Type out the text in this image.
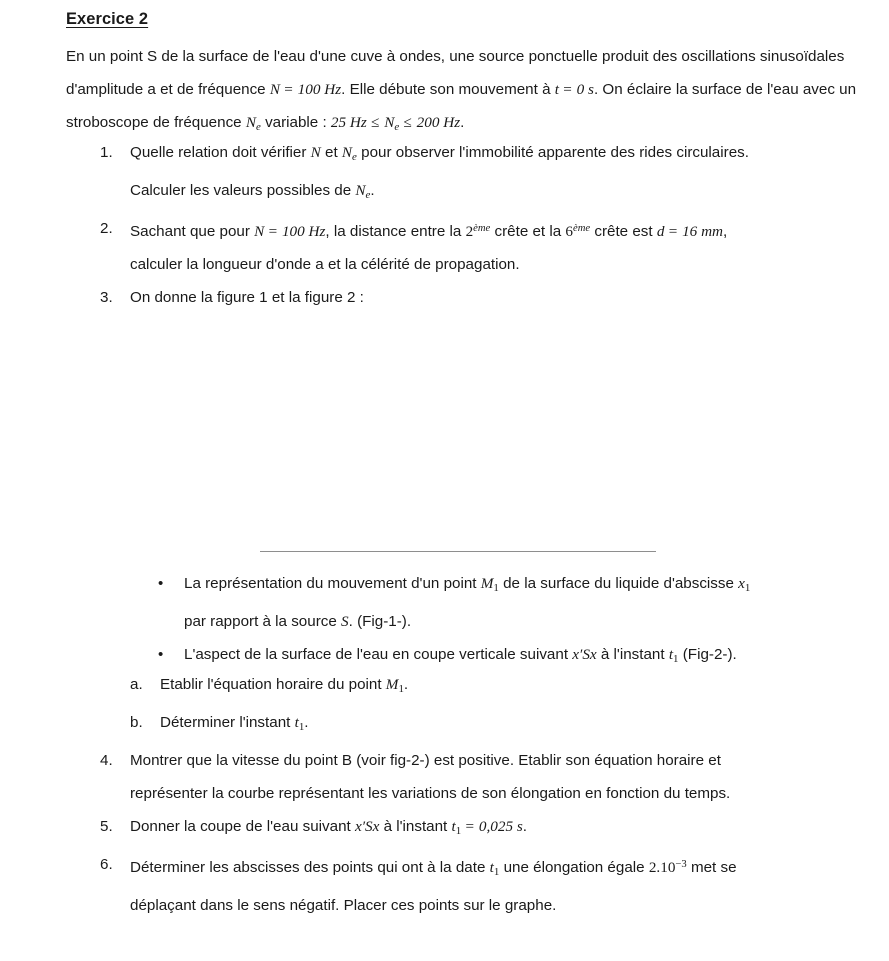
Exercice 2
En un point S de la surface de l'eau d'une cuve à ondes, une source ponctuelle produit des oscillations sinusoïdales d'amplitude a et de fréquence N = 100 Hz. Elle débute son mouvement à t = 0 s. On éclaire la surface de l'eau avec un stroboscope de fréquence $N_e$ variable : 25 $Hz \le N_e \le 200$ Hz.
1.	Quelle relation doit vérifier N et $N_e$ pour observer l'immobilité apparente des rides circulaires.
Calculer les valeurs possibles de $N_e$.
2.	Sachant que pour N = 100 Hz, la distance entre la 2ème crête et la 6ème crête est d = 16 mm,
calculer la longueur d'onde a et la célérité de propagation.
3.	On donne la figure 1 et la figure 2 :
•	La représentation du mouvement d'un point $M_1$ de la surface du liquide d'abscisse $x_1$
par rapport à la source S. (Fig-1-).
•	L'aspect de la surface de l'eau en coupe verticale suivant x′Sx à l'instant $t_1$ (Fig-2-).
a.	Etablir l'équation horaire du point $M_1$.
b.	Déterminer l'instant $t_1$.
4.	Montrer que la vitesse du point B (voir fig-2-) est positive. Etablir son équation horaire et
représenter la courbe représentant les variations de son élongation en fonction du temps.
5.	Donner la coupe de l'eau suivant x′Sx à l'instant $t_1 = 0,025$ s.
6.	Déterminer les abscisses des points qui ont à la date $t_1$ une élongation égale $2.10^{-3}$ met se
déplaçant dans le sens négatif. Placer ces points sur le graphe.
